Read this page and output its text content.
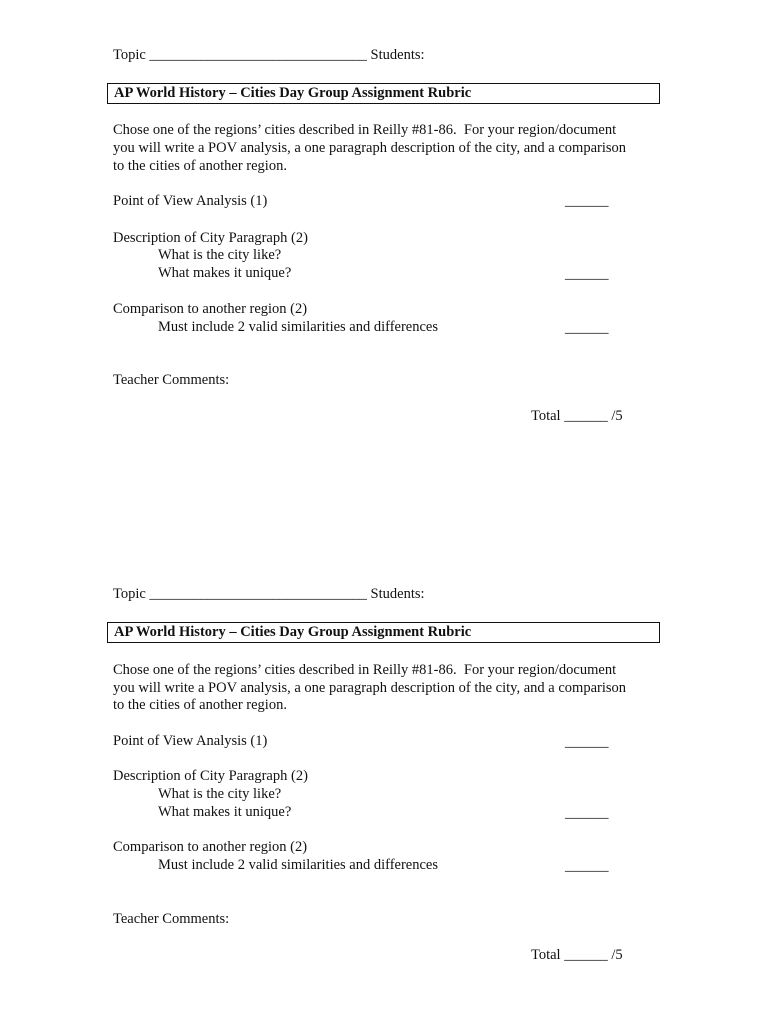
Topic ______________________________ Students:
AP World History – Cities Day Group Assignment Rubric
Chose one of the regions’ cities described in Reilly #81-86.  For your region/document
you will write a POV analysis, a one paragraph description of the city, and a comparison
to the cities of another region.
Point of View Analysis (1)	______
Description of City Paragraph (2)
What is the city like?
What makes it unique?	______
Comparison to another region (2)
Must include 2 valid similarities and differences	______
Teacher Comments:
Total ______ /5
Topic ______________________________ Students:
AP World History – Cities Day Group Assignment Rubric
Chose one of the regions’ cities described in Reilly #81-86.  For your region/document
you will write a POV analysis, a one paragraph description of the city, and a comparison
to the cities of another region.
Point of View Analysis (1)	______
Description of City Paragraph (2)
What is the city like?
What makes it unique?	______
Comparison to another region (2)
Must include 2 valid similarities and differences	______
Teacher Comments:
Total ______ /5
